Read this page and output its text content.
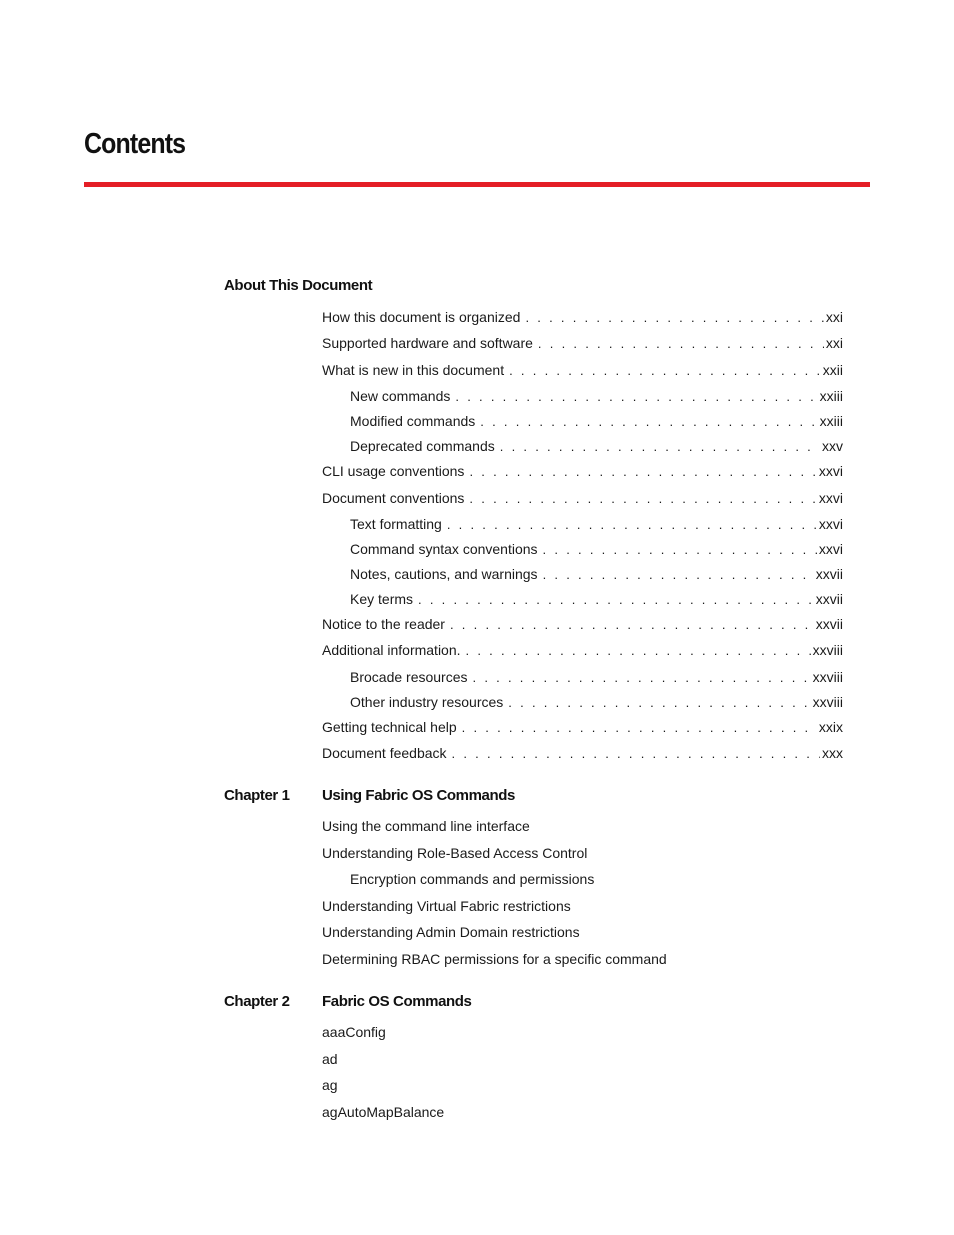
Contents
About This Document
How this document is organized . . .	xxi
Supported hardware and software . . .	xxi
What is new in this document . . .	xxii
New commands . . .	xxiii
Modified commands . . .	xxiii
Deprecated commands . . .	xxv
CLI usage conventions . . .	xxvi
Document conventions . . .	xxvi
Text formatting . . .	xxvi
Command syntax conventions . . .	xxvi
Notes, cautions, and warnings . . .	xxvii
Key terms . . .	xxvii
Notice to the reader . . .	xxvii
Additional information. . . .	xxviii
Brocade resources . . .	xxviii
Other industry resources . . .	xxviii
Getting technical help . . .	xxix
Document feedback . . .	xxx
Chapter 1 Using Fabric OS Commands
Using the command line interface
Understanding Role-Based Access Control
Encryption commands and permissions
Understanding Virtual Fabric restrictions
Understanding Admin Domain restrictions
Determining RBAC permissions for a specific command
Chapter 2 Fabric OS Commands
aaaConfig
ad
ag
agAutoMapBalance
